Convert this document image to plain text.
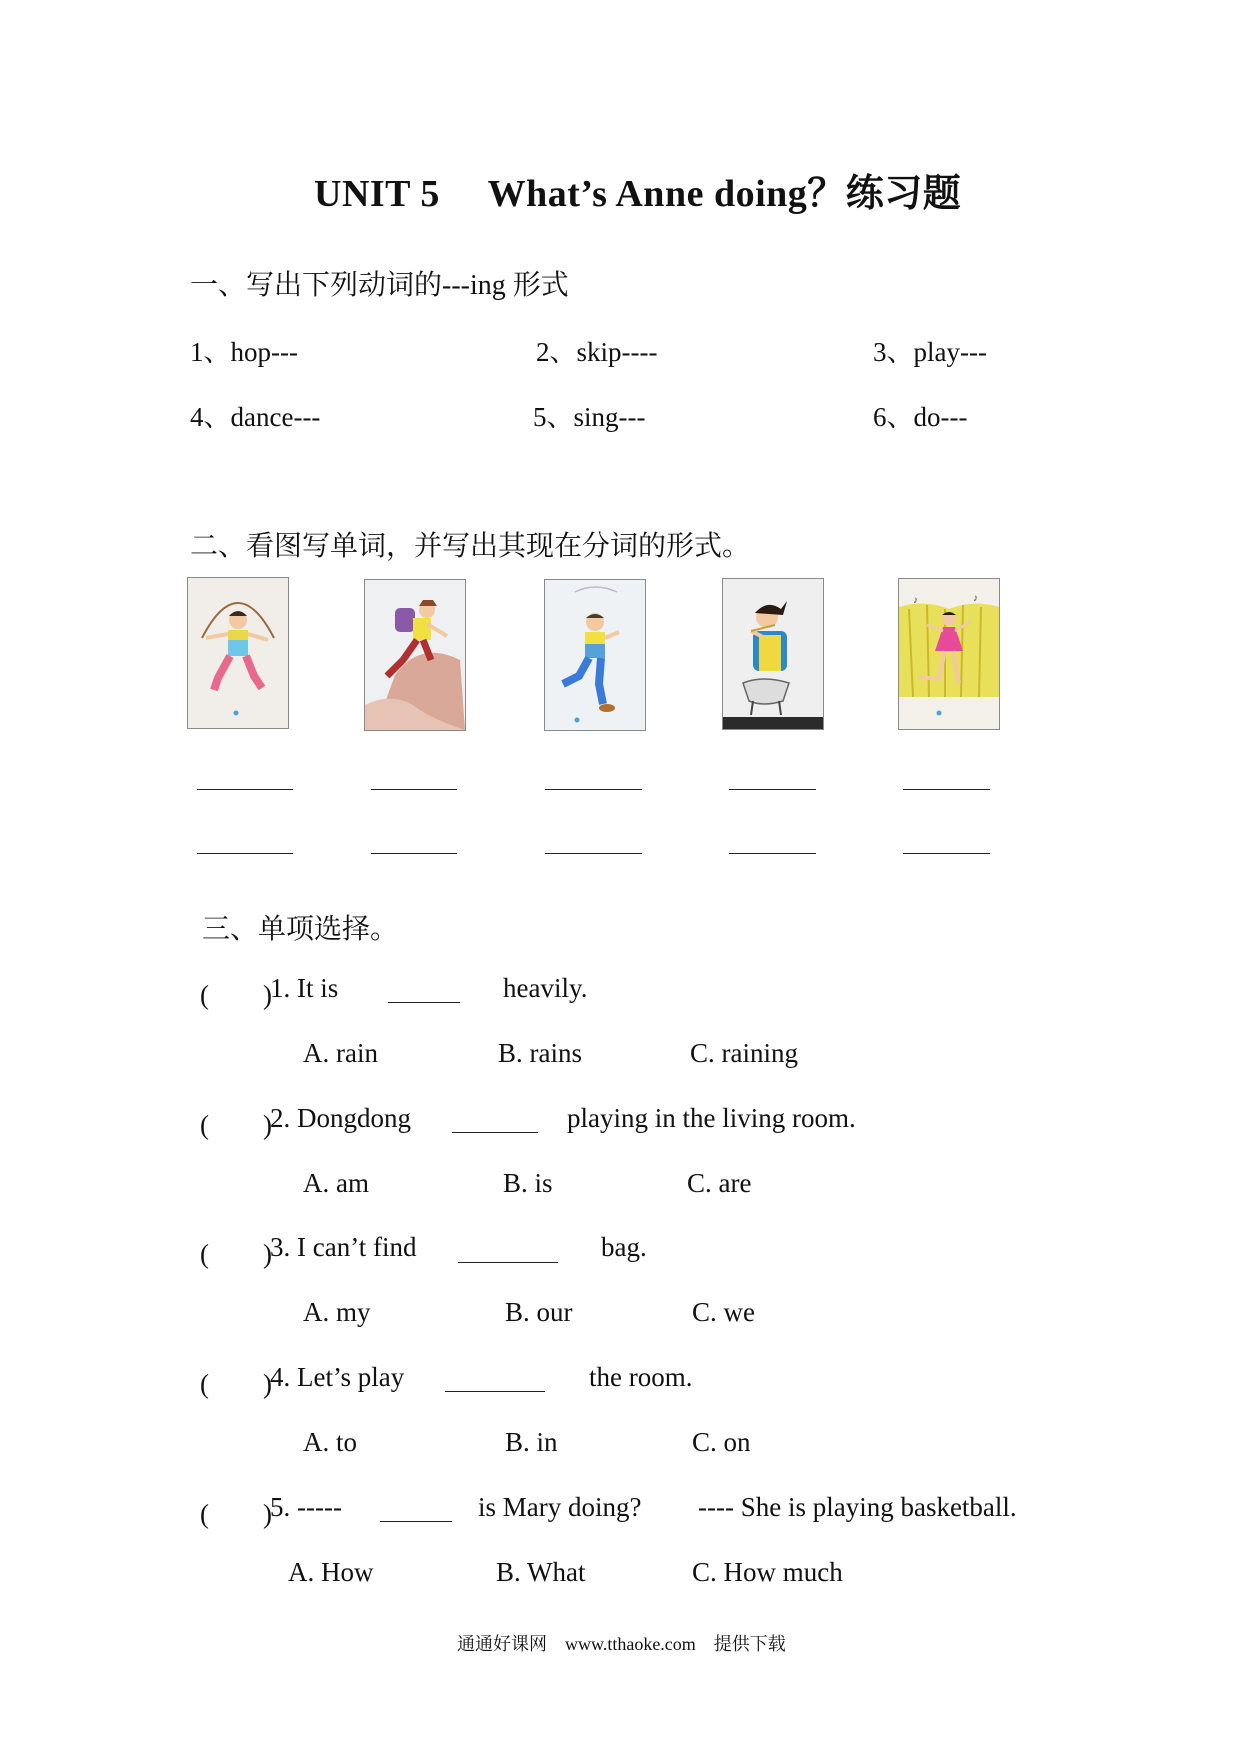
UNIT 5　 What’s Anne doing？练习题
一、写出下列动词的---ing 形式
1、hop---	2、skip----	3、play---
4、dance---	5、sing---	6、do---
二、看图写单词，并写出其现在分词的形式。
♪	♪
三、单项选择。
(　　)
1. It is	heavily.
A. rain	B. rains	C. raining
(　　)
2. Dongdong	playing in the living room.
A. am	B. is	C. are
(　　)
3. I can’t find	bag.
A. my	B. our	C. we
(　　)
4. Let’s play	the room.
A. to	B. in	C. on
(　　)
5. -----	is Mary doing? ---- She is playing basketball.
A. How	B. What	C. How much
通通好课网　www.tthaoke.com　提供下载
